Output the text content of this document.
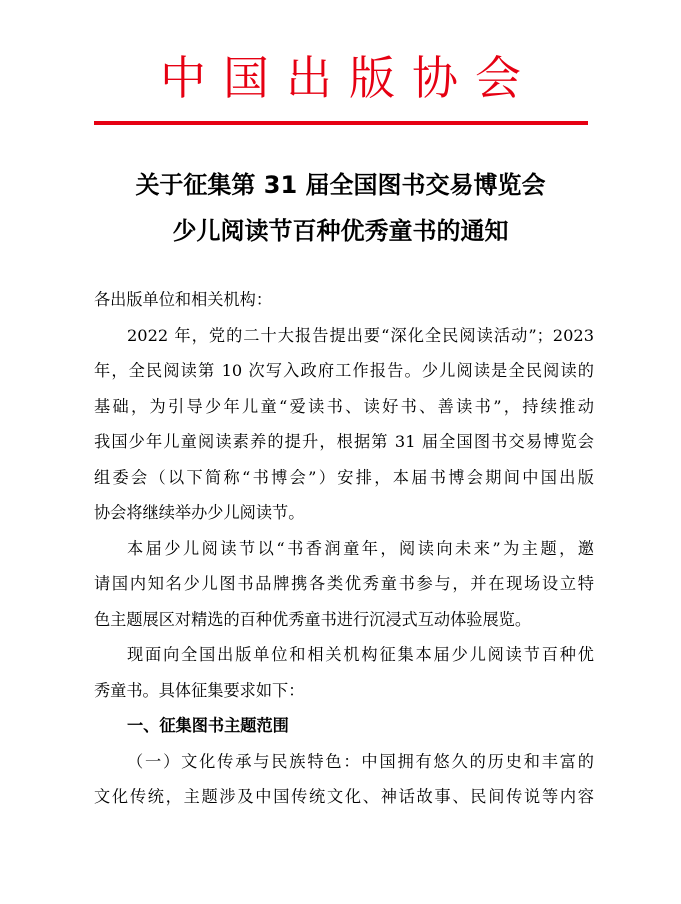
中国出版协会
关于征集第 31 届全国图书交易博览会
少儿阅读节百种优秀童书的通知
各出版单位和相关机构：
2022 年，党的二十大报告提出要“深化全民阅读活动”；2023
年，全民阅读第 10 次写入政府工作报告。少儿阅读是全民阅读的
基础，为引导少年儿童“爱读书、读好书、善读书”，持续推动
我国少年儿童阅读素养的提升，根据第 31 届全国图书交易博览会
组委会（以下简称“书博会”）安排，本届书博会期间中国出版
协会将继续举办少儿阅读节。
本届少儿阅读节以“书香润童年，阅读向未来”为主题，邀
请国内知名少儿图书品牌携各类优秀童书参与，并在现场设立特
色主题展区对精选的百种优秀童书进行沉浸式互动体验展览。
现面向全国出版单位和相关机构征集本届少儿阅读节百种优
秀童书。具体征集要求如下：
一、征集图书主题范围
（一）文化传承与民族特色：中国拥有悠久的历史和丰富的
文化传统，主题涉及中国传统文化、神话故事、民间传说等内容
